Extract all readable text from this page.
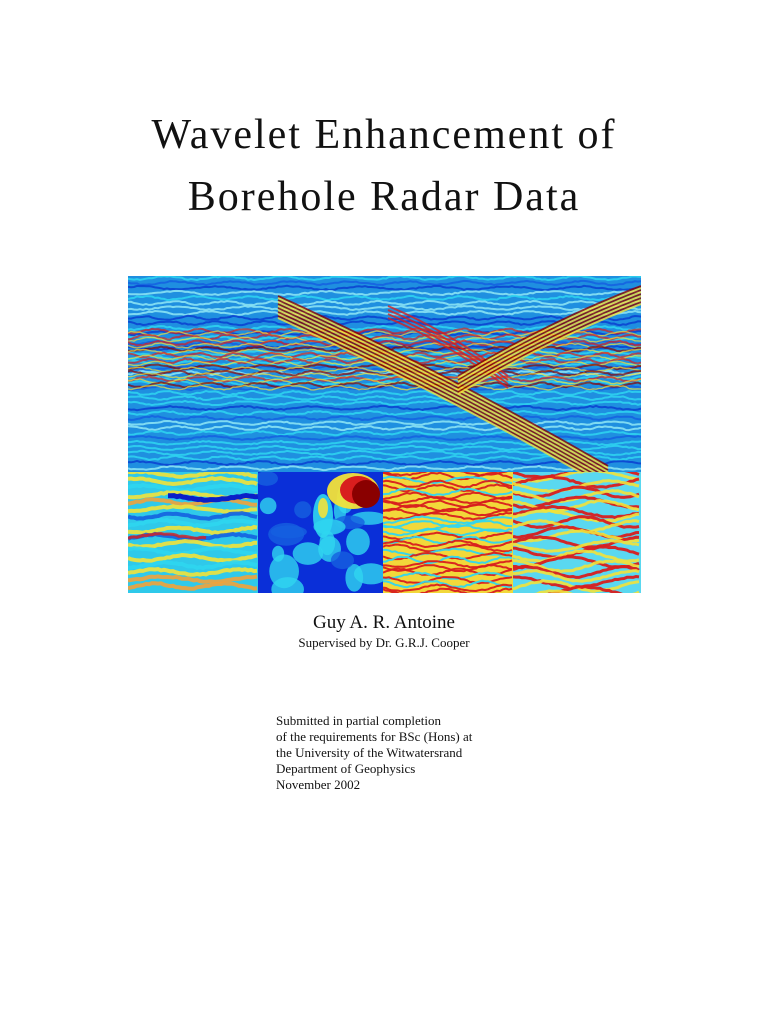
Wavelet Enhancement of
Borehole Radar Data
Guy A. R. Antoine
Supervised by Dr. G.R.J. Cooper
Submitted in partial completion
of the requirements for BSc (Hons) at
the University of the Witwatersrand
Department of Geophysics
November 2002
